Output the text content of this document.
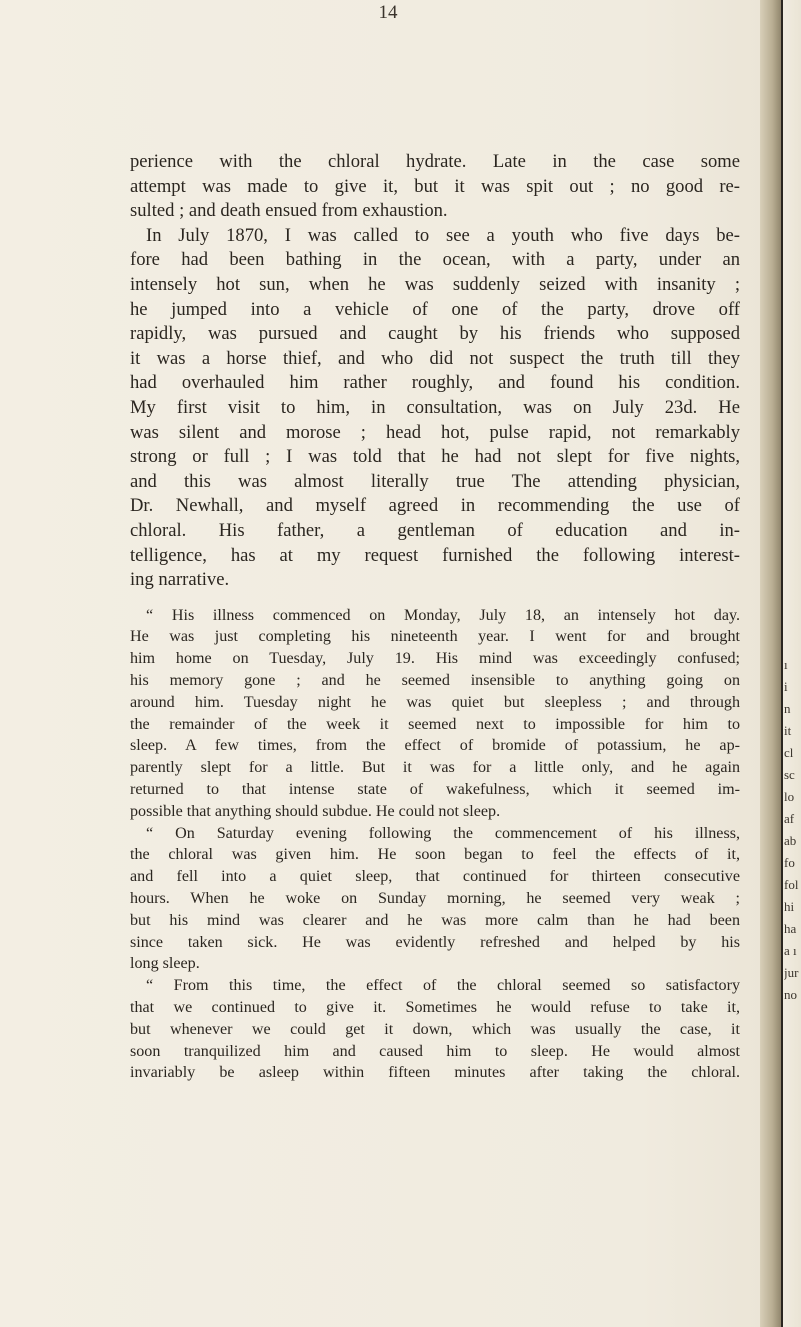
14
perience with the chloral hydrate. Late in the case some
attempt was made to give it, but it was spit out ; no good re-
sulted ; and death ensued from exhaustion.
In July 1870, I was called to see a youth who five days be-
fore had been bathing in the ocean, with a party, under an
intensely hot sun, when he was suddenly seized with insanity ;
he jumped into a vehicle of one of the party, drove off
rapidly, was pursued and caught by his friends who supposed
it was a horse thief, and who did not suspect the truth till they
had overhauled him rather roughly, and found his condition.
My first visit to him, in consultation, was on July 23d. He
was silent and morose ; head hot, pulse rapid, not remarkably
strong or full ; I was told that he had not slept for five nights,
and this was almost literally true The attending physician,
Dr. Newhall, and myself agreed in recommending the use of
chloral. His father, a gentleman of education and in-
telligence, has at my request furnished the following interest-
ing narrative.
“ His illness commenced on Monday, July 18, an intensely hot day.
He was just completing his nineteenth year. I went for and brought
him home on Tuesday, July 19. His mind was exceedingly confused;
his memory gone ; and he seemed insensible to anything going on
around him. Tuesday night he was quiet but sleepless ; and through
the remainder of the week it seemed next to impossible for him to
sleep. A few times, from the effect of bromide of potassium, he ap-
parently slept for a little. But it was for a little only, and he again
returned to that intense state of wakefulness, which it seemed im-
possible that anything should subdue. He could not sleep.
“ On Saturday evening following the commencement of his illness,
the chloral was given him. He soon began to feel the effects of it,
and fell into a quiet sleep, that continued for thirteen consecutive
hours. When he woke on Sunday morning, he seemed very weak ;
but his mind was clearer and he was more calm than he had been
since taken sick. He was evidently refreshed and helped by his
long sleep.
“ From this time, the effect of the chloral seemed so satisfactory
that we continued to give it. Sometimes he would refuse to take it,
but whenever we could get it down, which was usually the case, it
soon tranquilized him and caused him to sleep. He would almost
invariably be asleep within fifteen minutes after taking the chloral.
ı
i
n
it
cl
sc
lo
af
ab
fo
fol
hi
ha
a ı
jur
no
